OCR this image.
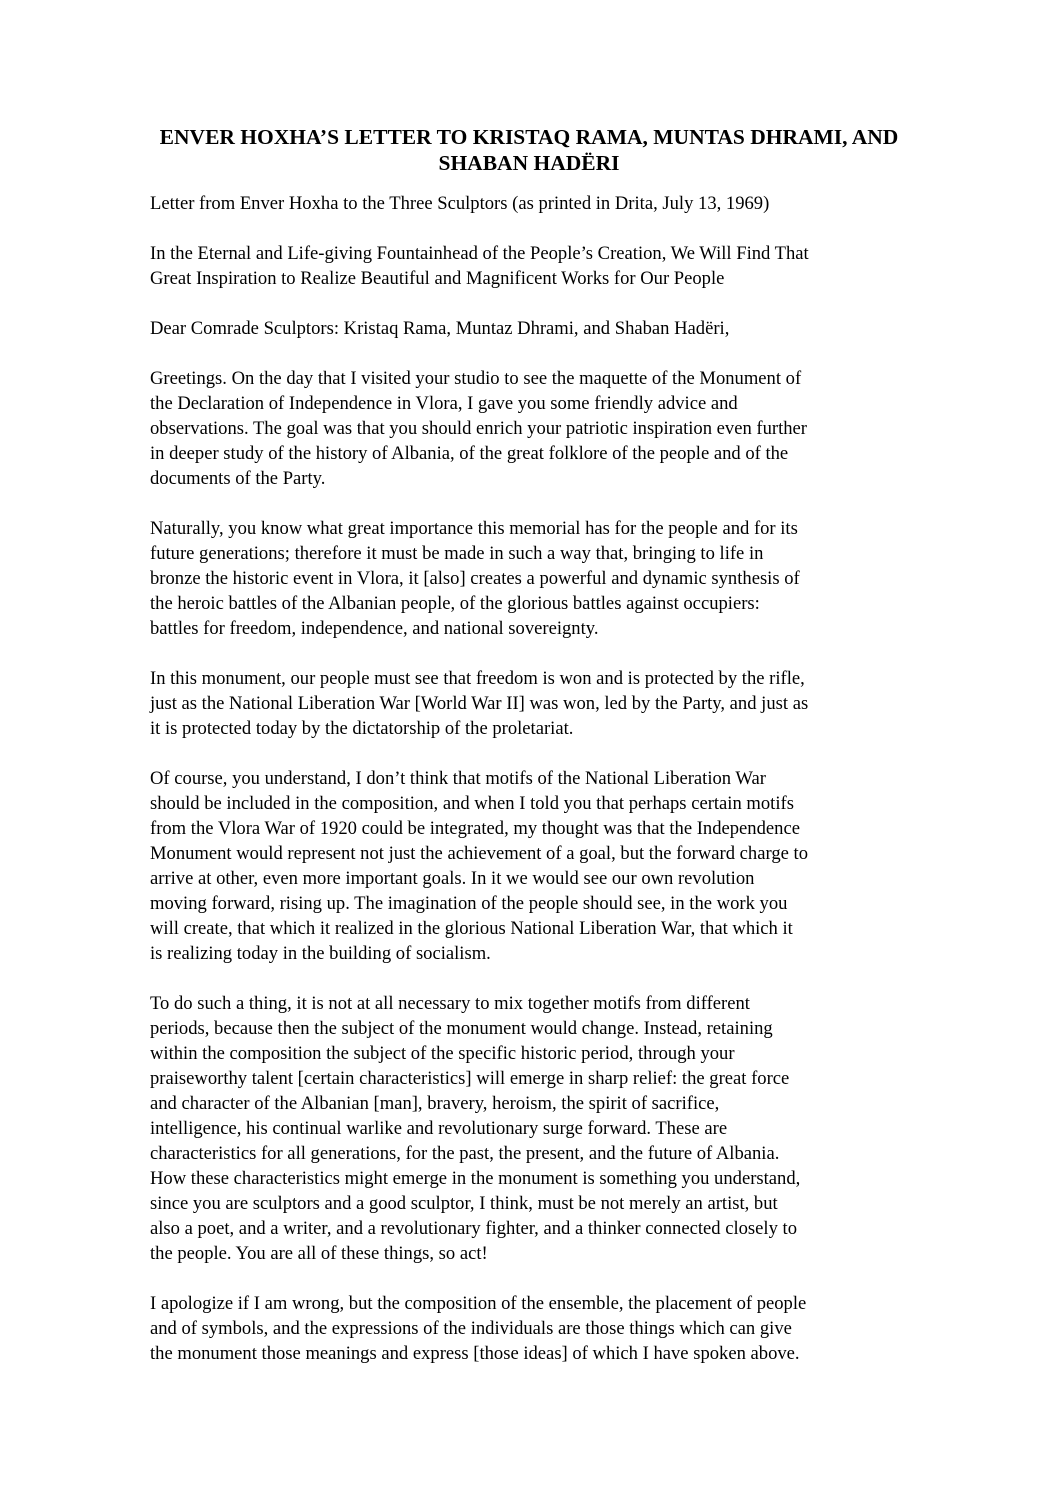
ENVER HOXHA’S LETTER TO KRISTAQ RAMA, MUNTAS DHRAMI, AND
SHABAN HADËRI

Letter from Enver Hoxha to the Three Sculptors (as printed in Drita, July 13, 1969)

In the Eternal and Life-giving Fountainhead of the People’s Creation, We Will Find That
Great Inspiration to Realize Beautiful and Magnificent Works for Our People

Dear Comrade Sculptors: Kristaq Rama, Muntaz Dhrami, and Shaban Hadëri,

Greetings. On the day that I visited your studio to see the maquette of the Monument of
the Declaration of Independence in Vlora, I gave you some friendly advice and
observations. The goal was that you should enrich your patriotic inspiration even further
in deeper study of the history of Albania, of the great folklore of the people and of the
documents of the Party.

Naturally, you know what great importance this memorial has for the people and for its
future generations; therefore it must be made in such a way that, bringing to life in
bronze the historic event in Vlora, it [also] creates a powerful and dynamic synthesis of
the heroic battles of the Albanian people, of the glorious battles against occupiers:
battles for freedom, independence, and national sovereignty.

In this monument, our people must see that freedom is won and is protected by the rifle,
just as the National Liberation War [World War II] was won, led by the Party, and just as
it is protected today by the dictatorship of the proletariat.

Of course, you understand, I don’t think that motifs of the National Liberation War
should be included in the composition, and when I told you that perhaps certain motifs
from the Vlora War of 1920 could be integrated, my thought was that the Independence
Monument would represent not just the achievement of a goal, but the forward charge to
arrive at other, even more important goals. In it we would see our own revolution
moving forward, rising up. The imagination of the people should see, in the work you
will create, that which it realized in the glorious National Liberation War, that which it
is realizing today in the building of socialism.

To do such a thing, it is not at all necessary to mix together motifs from different
periods, because then the subject of the monument would change. Instead, retaining
within the composition the subject of the specific historic period, through your
praiseworthy talent [certain characteristics] will emerge in sharp relief: the great force
and character of the Albanian [man], bravery, heroism, the spirit of sacrifice,
intelligence, his continual warlike and revolutionary surge forward. These are
characteristics for all generations, for the past, the present, and the future of Albania.
How these characteristics might emerge in the monument is something you understand,
since you are sculptors and a good sculptor, I think, must be not merely an artist, but
also a poet, and a writer, and a revolutionary fighter, and a thinker connected closely to
the people. You are all of these things, so act!

I apologize if I am wrong, but the composition of the ensemble, the placement of people
and of symbols, and the expressions of the individuals are those things which can give
the monument those meanings and express [those ideas] of which I have spoken above.
